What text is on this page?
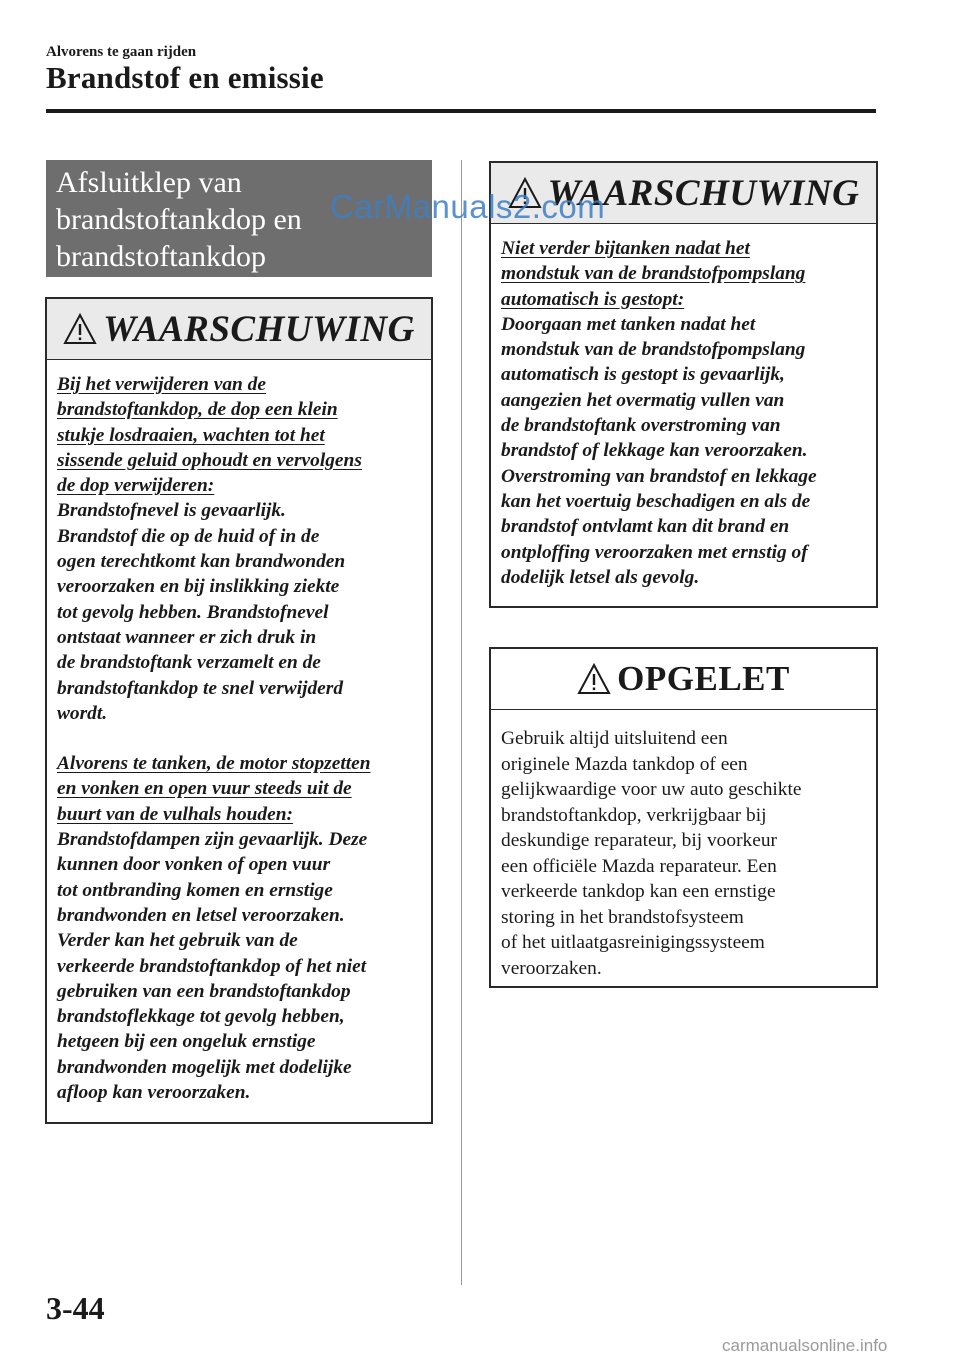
Alvorens te gaan rijden
Brandstof en emissie
Afsluitklep van
brandstoftankdop en
brandstoftankdop
WAARSCHUWING

Bij het verwijderen van de

brandstoftankdop, de dop een klein

stukje losdraaien, wachten tot het

sissende geluid ophoudt en vervolgens

de dop verwijderen:

Brandstofnevel is gevaarlijk.

Brandstof die op de huid of in de

ogen terechtkomt kan brandwonden

veroorzaken en bij inslikking ziekte

tot gevolg hebben. Brandstofnevel

ontstaat wanneer er zich druk in

de brandstoftank verzamelt en de

brandstoftankdop te snel verwijderd

wordt.

Alvorens te tanken, de motor stopzetten

en vonken en open vuur steeds uit de

buurt van de vulhals houden:

Brandstofdampen zijn gevaarlijk. Deze

kunnen door vonken of open vuur

tot ontbranding komen en ernstige

brandwonden en letsel veroorzaken.

Verder kan het gebruik van de

verkeerde brandstoftankdop of het niet

gebruiken van een brandstoftankdop

brandstoflekkage tot gevolg hebben,

hetgeen bij een ongeluk ernstige

brandwonden mogelijk met dodelijke

afloop kan veroorzaken.

WAARSCHUWING

Niet verder bijtanken nadat het

mondstuk van de brandstofpompslang

automatisch is gestopt:

Doorgaan met tanken nadat het

mondstuk van de brandstofpompslang

automatisch is gestopt is gevaarlijk,

aangezien het overmatig vullen van

de brandstoftank overstroming van

brandstof of lekkage kan veroorzaken.

Overstroming van brandstof en lekkage

kan het voertuig beschadigen en als de

brandstof ontvlamt kan dit brand en

ontploffing veroorzaken met ernstig of

dodelijk letsel als gevolg.

OPGELET

Gebruik altijd uitsluitend een

originele Mazda tankdop of een

gelijkwaardige voor uw auto geschikte

brandstoftankdop, verkrijgbaar bij

deskundige reparateur, bij voorkeur

een officiële Mazda reparateur. Een

verkeerde tankdop kan een ernstige

storing in het brandstofsysteem

of het uitlaatgasreinigingssysteem

veroorzaken.

CarManuals2.com
3-44
carmanualsonline.info
